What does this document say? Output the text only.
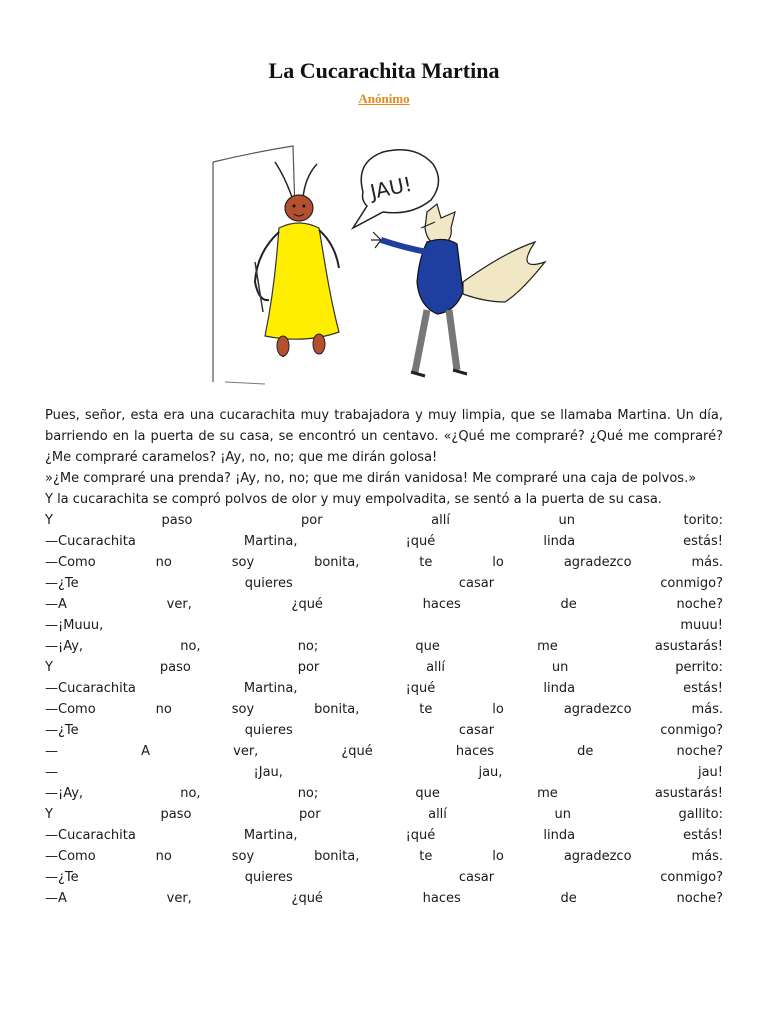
La Cucarachita Martina
Anónimo
JAU!

Pues, señor, esta era una cucarachita muy trabajadora y muy limpia, que se llamaba Martina. Un día, barriendo en la puerta de su casa, se encontró un centavo. «¿Qué me compraré? ¿Qué me compraré? ¿Me compraré caramelos? ¡Ay, no, no; que me dirán golosa!

»¿Me compraré una prenda? ¡Ay, no, no; que me dirán vanidosa! Me compraré una caja de polvos.»

Y la cucarachita se compró polvos de olor y muy empolvadita, se sentó a la puerta de su casa.

Y paso por allí un torito:

—Cucarachita Martina, ¡qué linda estás!

—Como no soy bonita, te lo agradezco más.

—¿Te quieres casar conmigo?

—A ver, ¿qué haces de noche?

—¡Muuu, muuu!

—¡Ay, no, no; que me asustarás!

Y paso por allí un perrito:

—Cucarachita Martina, ¡qué linda estás!

—Como no soy bonita, te lo agradezco más.

—¿Te quieres casar conmigo?

— A ver, ¿qué haces de noche?

— ¡Jau, jau, jau!

—¡Ay, no, no; que me asustarás!

Y paso por allí un gallito:

—Cucarachita Martina, ¡qué linda estás!

—Como no soy bonita, te lo agradezco más.

—¿Te quieres casar conmigo?

—A ver, ¿qué haces de noche?
